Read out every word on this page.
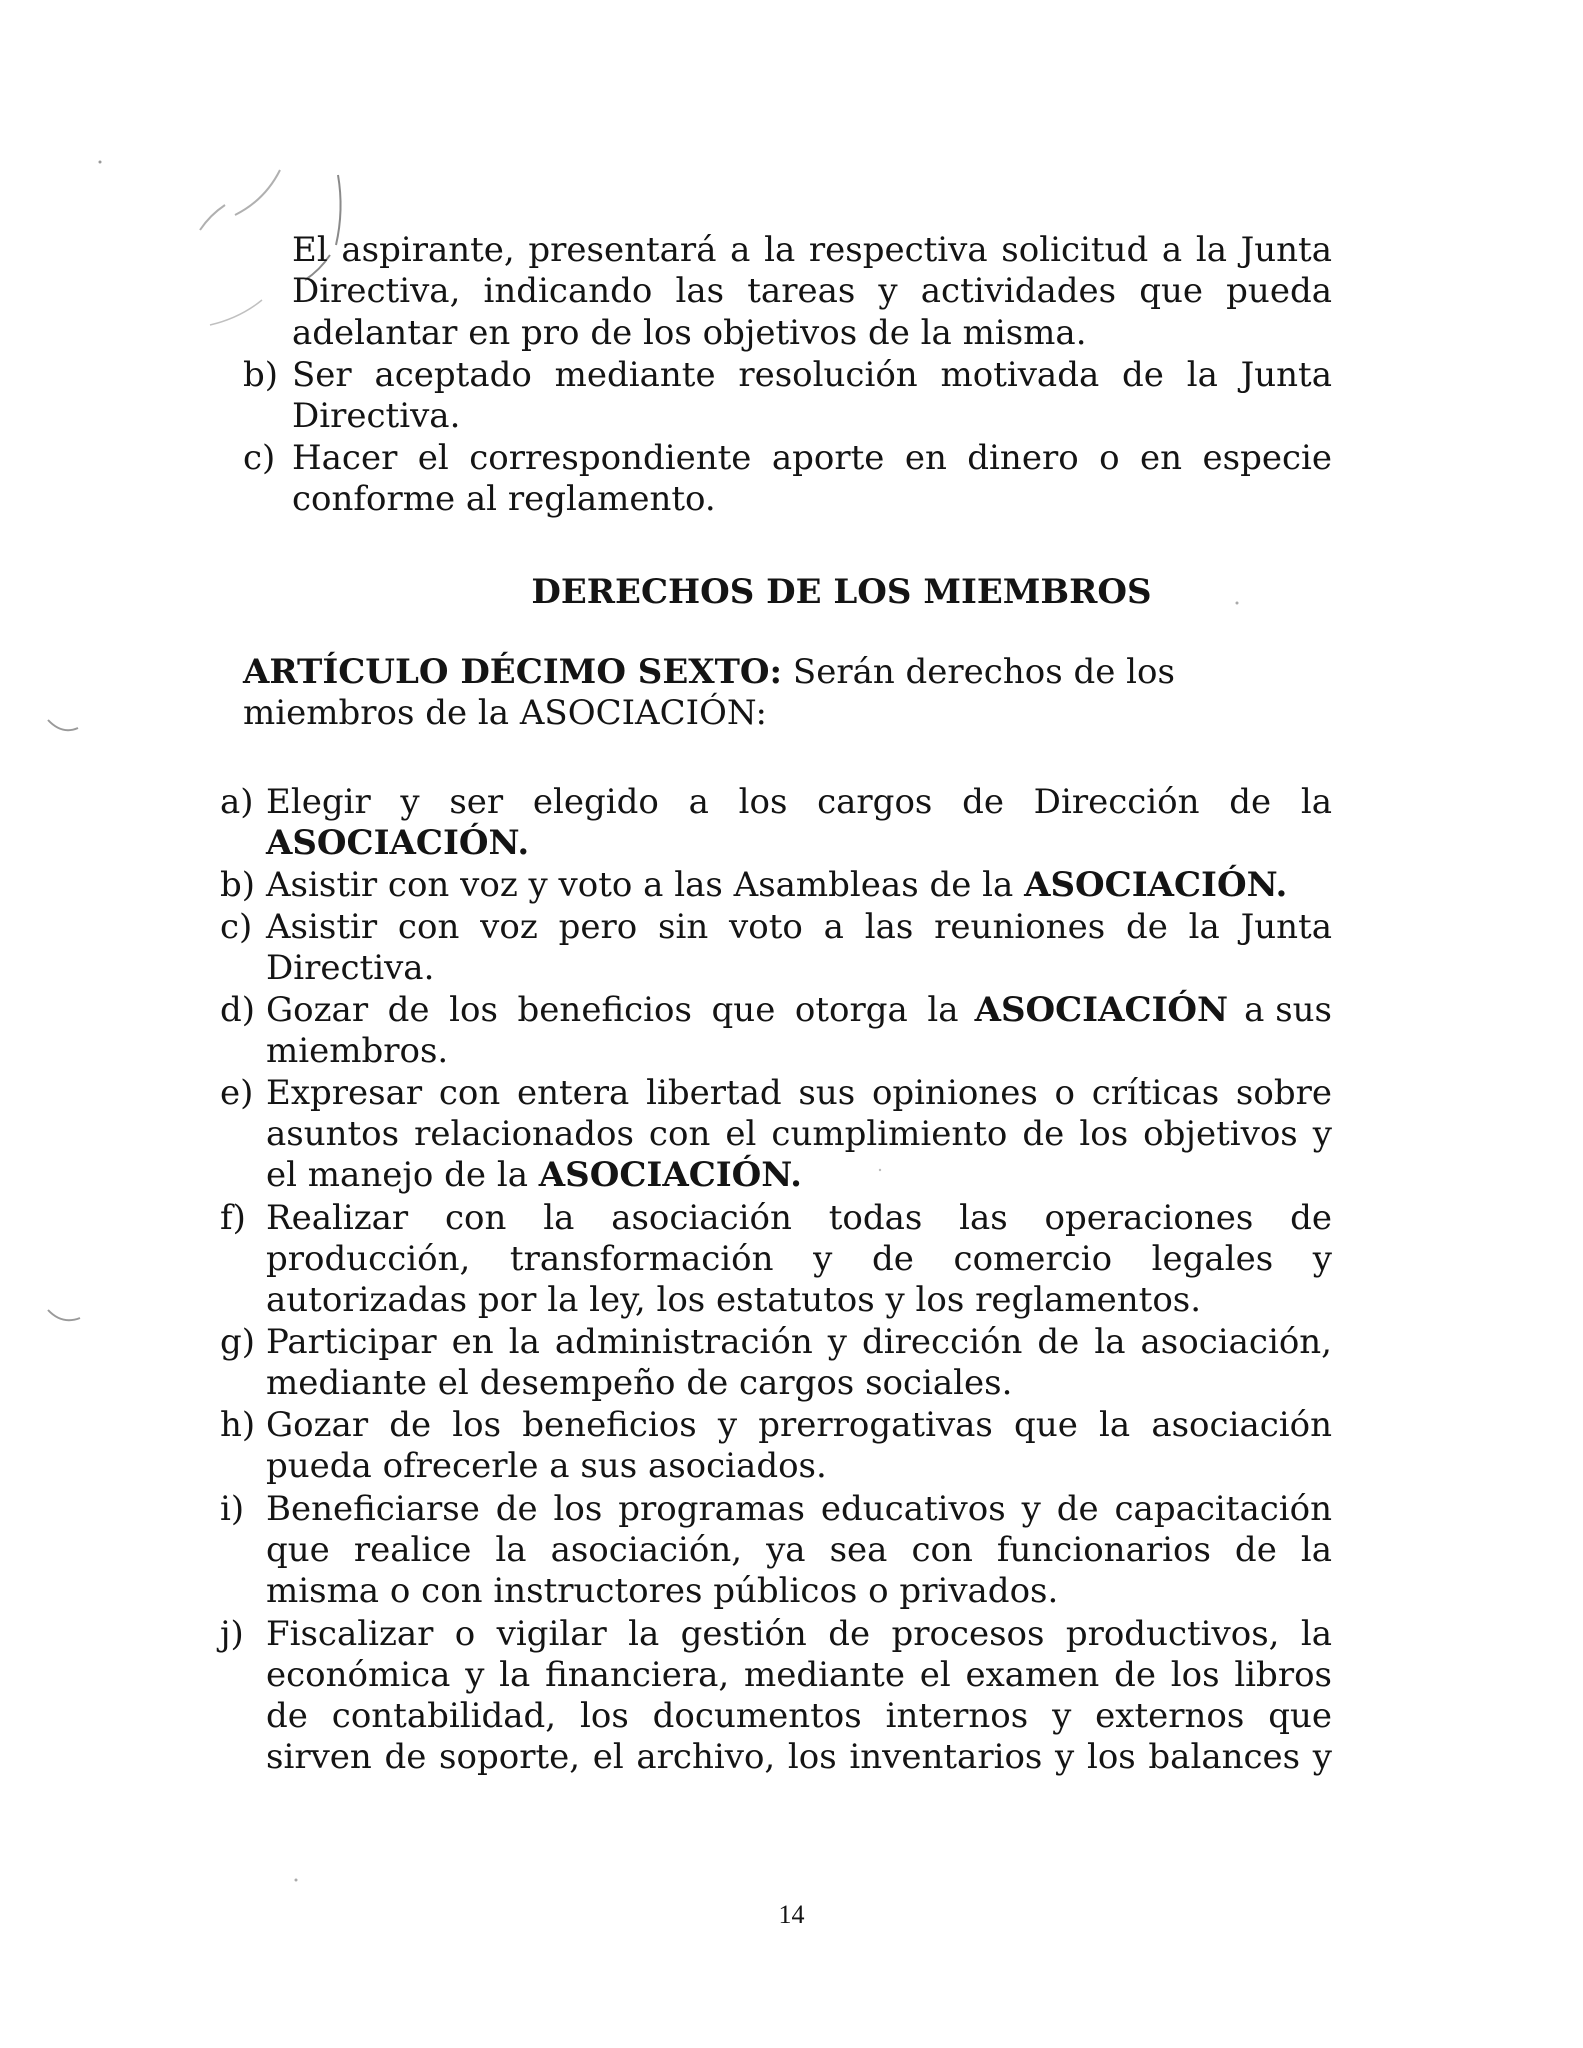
El aspirante, presentará a la respectiva solicitud a la Junta
Directiva, indicando las tareas y actividades que pueda
adelantar en pro de los objetivos de la misma.
b) Ser aceptado mediante resolución motivada de la Junta
Directiva.
c) Hacer el correspondiente aporte en dinero o en especie
conforme al reglamento.
DERECHOS DE LOS MIEMBROS
ARTÍCULO DÉCIMO SEXTO: Serán derechos de los
miembros de la ASOCIACIÓN:
a) Elegir y ser elegido a los cargos de Dirección de la
ASOCIACIÓN.
b) Asistir con voz y voto a las Asambleas de la ASOCIACIÓN.
c) Asistir con voz pero sin voto a las reuniones de la Junta
Directiva.
d) Gozar de los beneficios que otorga la ASOCIACIÓN a sus
miembros.
e) Expresar con entera libertad sus opiniones o críticas sobre
asuntos relacionados con el cumplimiento de los objetivos y
el manejo de la ASOCIACIÓN.
f) Realizar con la asociación todas las operaciones de
producción, transformación y de comercio legales y
autorizadas por la ley, los estatutos y los reglamentos.
g) Participar en la administración y dirección de la asociación,
mediante el desempeño de cargos sociales.
h) Gozar de los beneficios y prerrogativas que la asociación
pueda ofrecerle a sus asociados.
i) Beneficiarse de los programas educativos y de capacitación
que realice la asociación, ya sea con funcionarios de la
misma o con instructores públicos o privados.
j) Fiscalizar o vigilar la gestión de procesos productivos, la
económica y la financiera, mediante el examen de los libros
de contabilidad, los documentos internos y externos que
sirven de soporte, el archivo, los inventarios y los balances y
14
